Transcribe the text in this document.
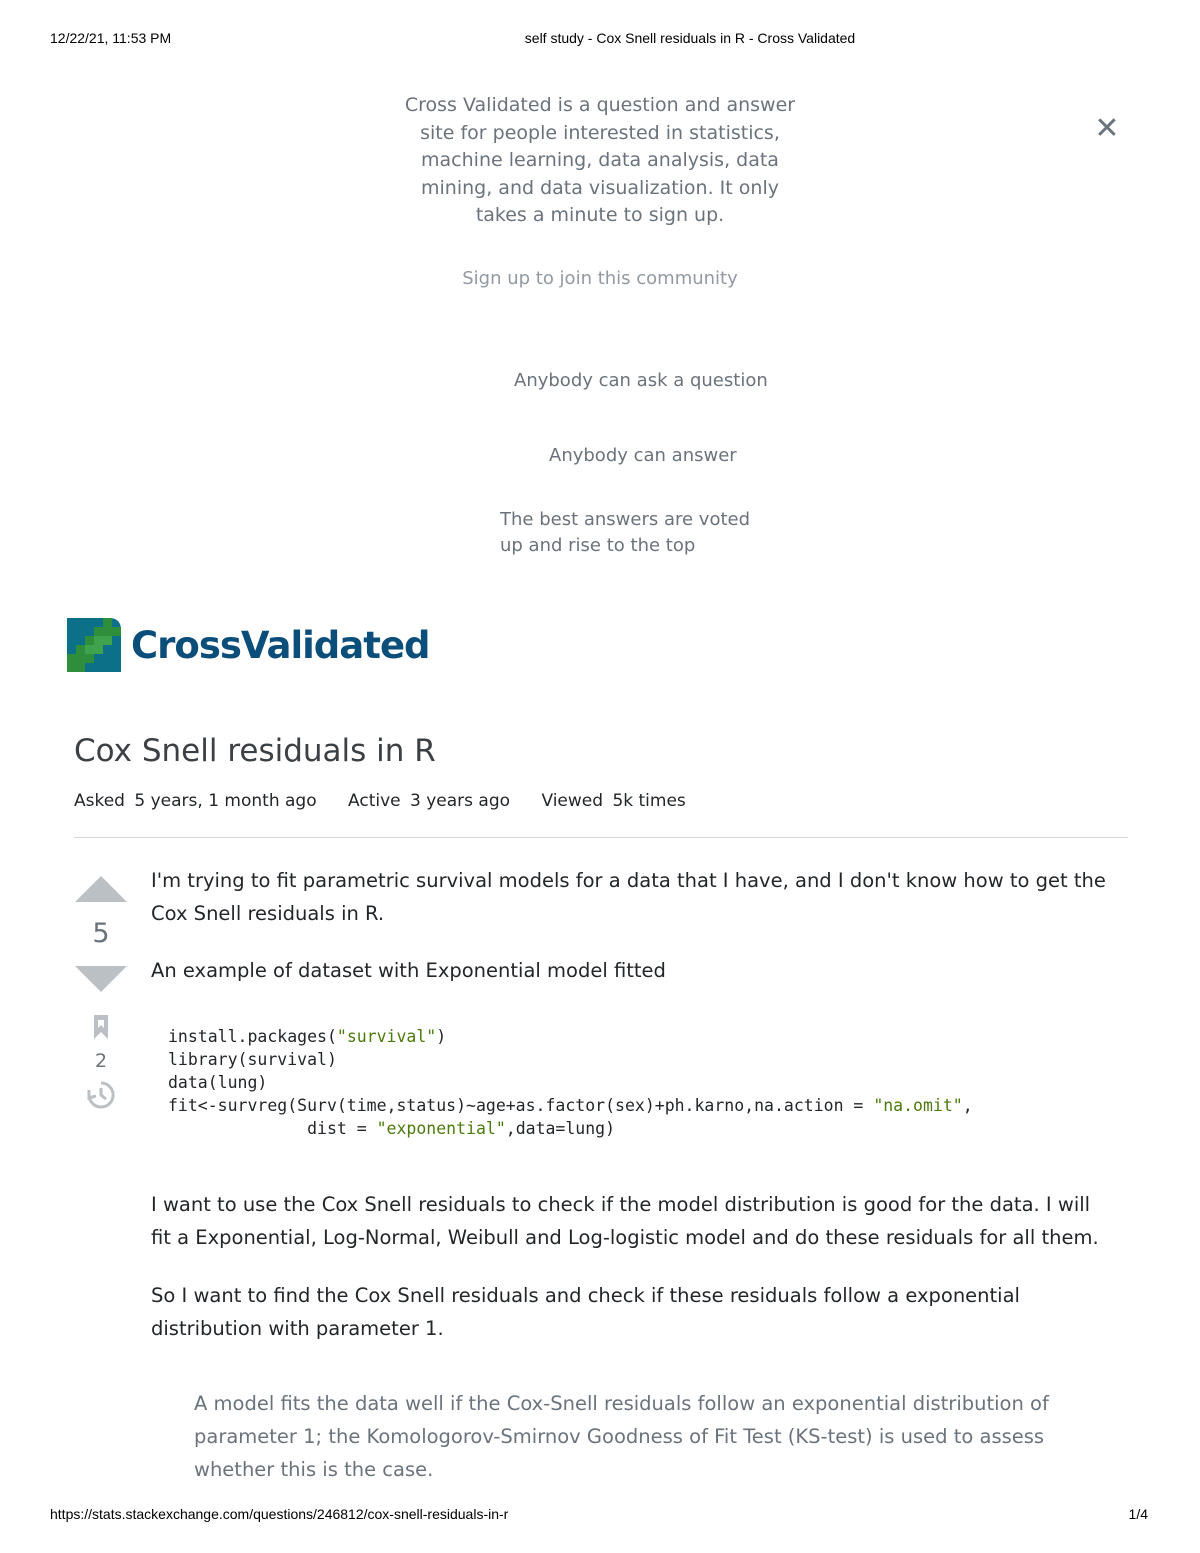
12/22/21, 11:53 PM	self study - Cox Snell residuals in R - Cross Validated
Cross Validated is a question and answer site for people interested in statistics, machine learning, data analysis, data mining, and data visualization. It only takes a minute to sign up.
✕
Sign up to join this community
Anybody can ask a question
Anybody can answer
The best answers are voted up and rise to the top
CrossValidated
Cox Snell residuals in R
Asked 5 years, 1 month ago Active 3 years ago Viewed 5k times
5
2

I'm trying to fit parametric survival models for a data that I have, and I don't know how to get the Cox Snell residuals in R.

An example of dataset with Exponential model fitted

install.packages("survival")
library(survival)
data(lung)
fit<-survreg(Surv(time,status)~age+as.factor(sex)+ph.karno,na.action = "na.omit",
dist = "exponential",data=lung)

I want to use the Cox Snell residuals to check if the model distribution is good for the data. I will fit a Exponential, Log-Normal, Weibull and Log-logistic model and do these residuals for all them.

So I want to find the Cox Snell residuals and check if these residuals follow a exponential distribution with parameter 1.

A model fits the data well if the Cox-Snell residuals follow an exponential distribution of parameter 1; the Komologorov-Smirnov Goodness of Fit Test (KS-test) is used to assess whether this is the case.
https://stats.stackexchange.com/questions/246812/cox-snell-residuals-in-r	1/4
